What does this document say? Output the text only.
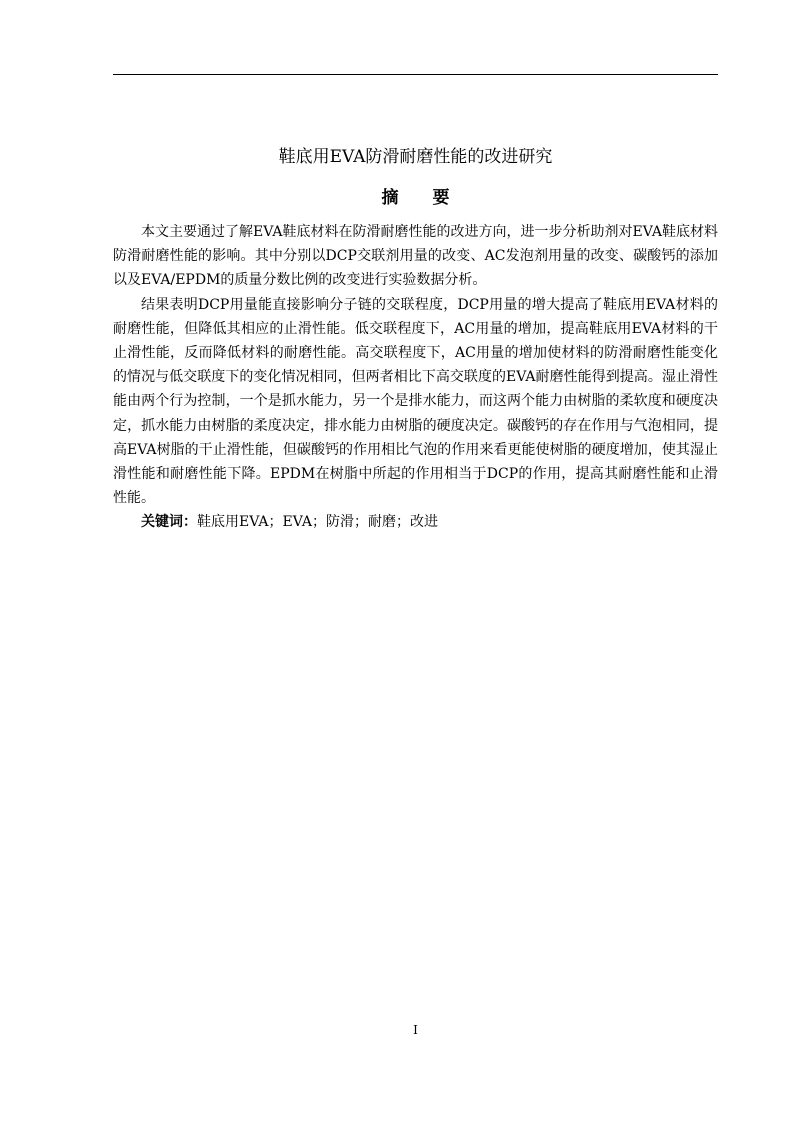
鞋底用EVA防滑耐磨性能的改进研究
摘 要

本文主要通过了解EVA鞋底材料在防滑耐磨性能的改进方向，进一步分析助剂对EVA鞋底材料防滑耐磨性能的影响。其中分别以DCP交联剂用量的改变、AC发泡剂用量的改变、碳酸钙的添加以及EVA/EPDM的质量分数比例的改变进行实验数据分析。

结果表明DCP用量能直接影响分子链的交联程度，DCP用量的增大提高了鞋底用EVA材料的耐磨性能，但降低其相应的止滑性能。低交联程度下，AC用量的增加，提高鞋底用EVA材料的干止滑性能，反而降低材料的耐磨性能。高交联程度下，AC用量的增加使材料的防滑耐磨性能变化的情况与低交联度下的变化情况相同，但两者相比下高交联度的EVA耐磨性能得到提高。湿止滑性能由两个行为控制，一个是抓水能力，另一个是排水能力，而这两个能力由树脂的柔软度和硬度决定，抓水能力由树脂的柔度决定，排水能力由树脂的硬度决定。碳酸钙的存在作用与气泡相同，提高EVA树脂的干止滑性能，但碳酸钙的作用相比气泡的作用来看更能使树脂的硬度增加，使其湿止滑性能和耐磨性能下降。EPDM在树脂中所起的作用相当于DCP的作用，提高其耐磨性能和止滑性能。

关键词：鞋底用EVA；EVA；防滑；耐磨；改进

I
